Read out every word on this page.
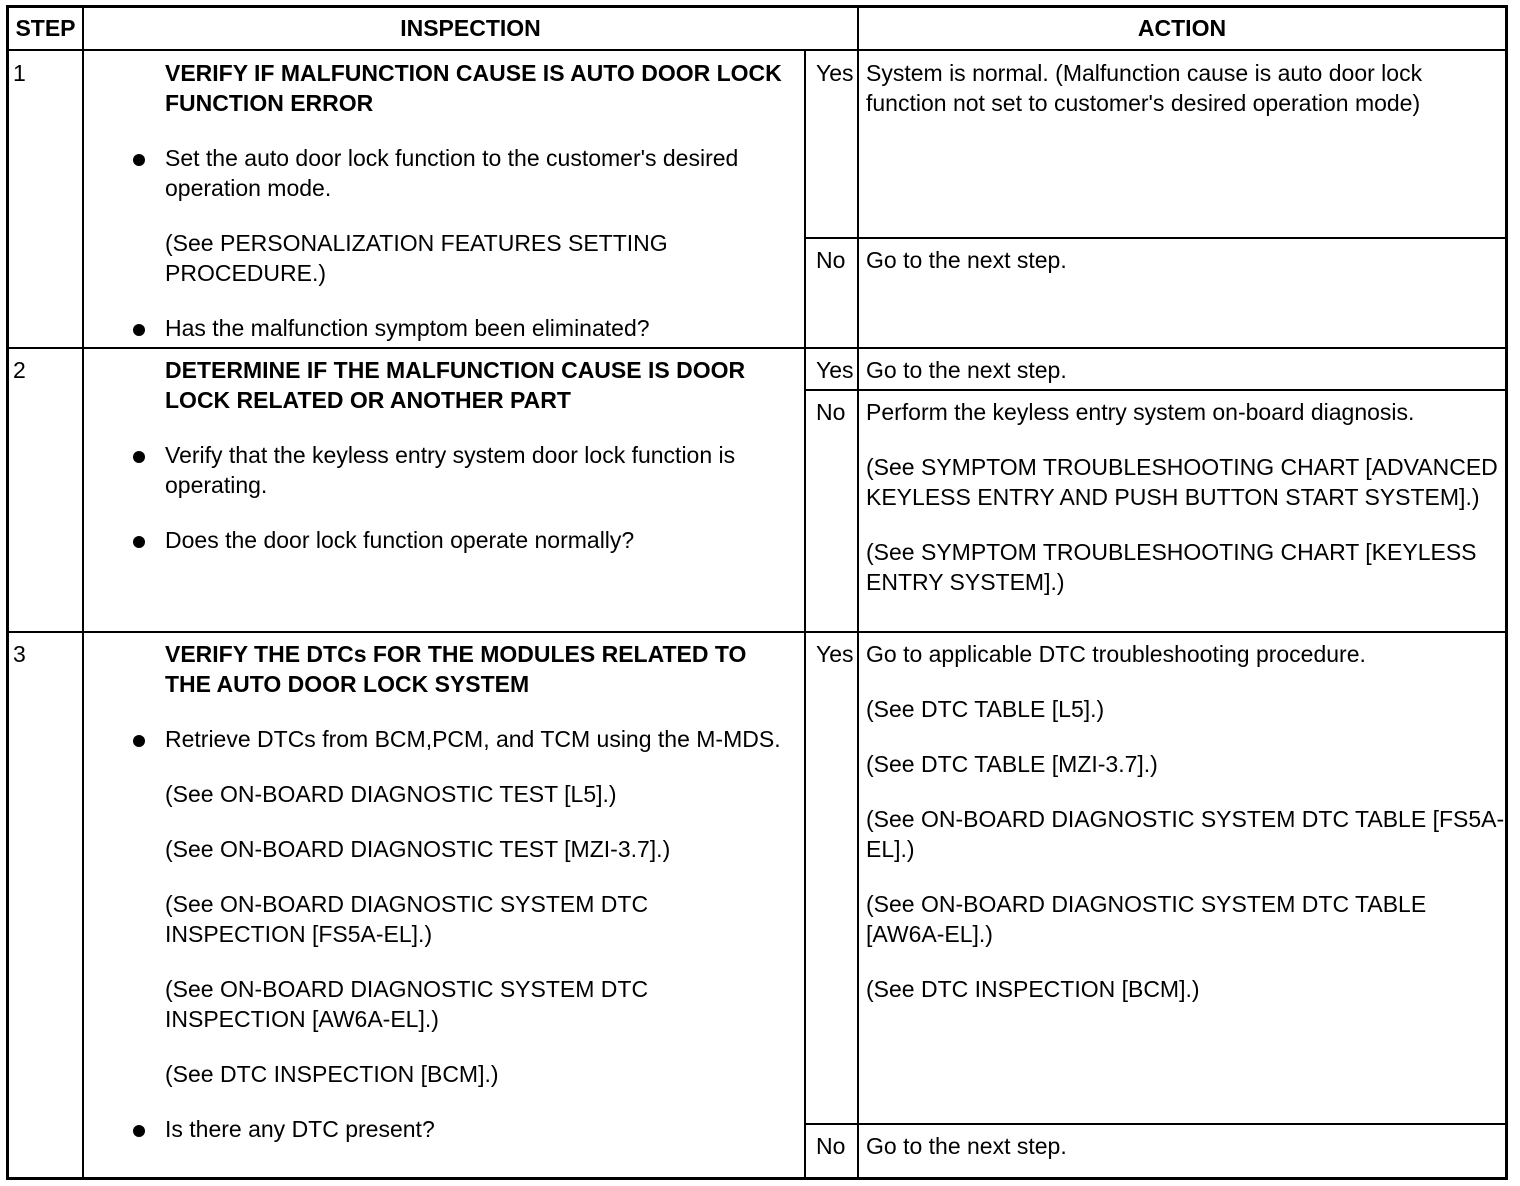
STEP	INSPECTION	ACTION
1	VERIFY IF MALFUNCTION CAUSE IS AUTO DOOR LOCK FUNCTION ERROR

Set the auto door lock function to the customer's desired operation mode.

(See PERSONALIZATION FEATURES SETTING PROCEDURE.)

Has the malfunction symptom been eliminated?

Yes System is normal. (Malfunction cause is auto door lock function not set to customer's desired operation mode)

No Go to the next step.

2	DETERMINE IF THE MALFUNCTION CAUSE IS DOOR LOCK RELATED OR ANOTHER PART

Verify that the keyless entry system door lock function is operating.

Does the door lock function operate normally?

Yes Go to the next step.

No Perform the keyless entry system on-board diagnosis.

(See SYMPTOM TROUBLESHOOTING CHART [ADVANCED KEYLESS ENTRY AND PUSH BUTTON START SYSTEM].)

(See SYMPTOM TROUBLESHOOTING CHART [KEYLESS ENTRY SYSTEM].)

3	VERIFY THE DTCs FOR THE MODULES RELATED TO THE AUTO DOOR LOCK SYSTEM

Retrieve DTCs from BCM,PCM, and TCM using the M-MDS.

(See ON-BOARD DIAGNOSTIC TEST [L5].)

(See ON-BOARD DIAGNOSTIC TEST [MZI-3.7].)

(See ON-BOARD DIAGNOSTIC SYSTEM DTC INSPECTION [FS5A-EL].)

(See ON-BOARD DIAGNOSTIC SYSTEM DTC INSPECTION [AW6A-EL].)

(See DTC INSPECTION [BCM].)

Is there any DTC present?

Yes Go to applicable DTC troubleshooting procedure.

(See DTC TABLE [L5].)

(See DTC TABLE [MZI-3.7].)

(See ON-BOARD DIAGNOSTIC SYSTEM DTC TABLE [FS5A-EL].)

(See ON-BOARD DIAGNOSTIC SYSTEM DTC TABLE [AW6A-EL].)

(See DTC INSPECTION [BCM].)

No Go to the next step.
